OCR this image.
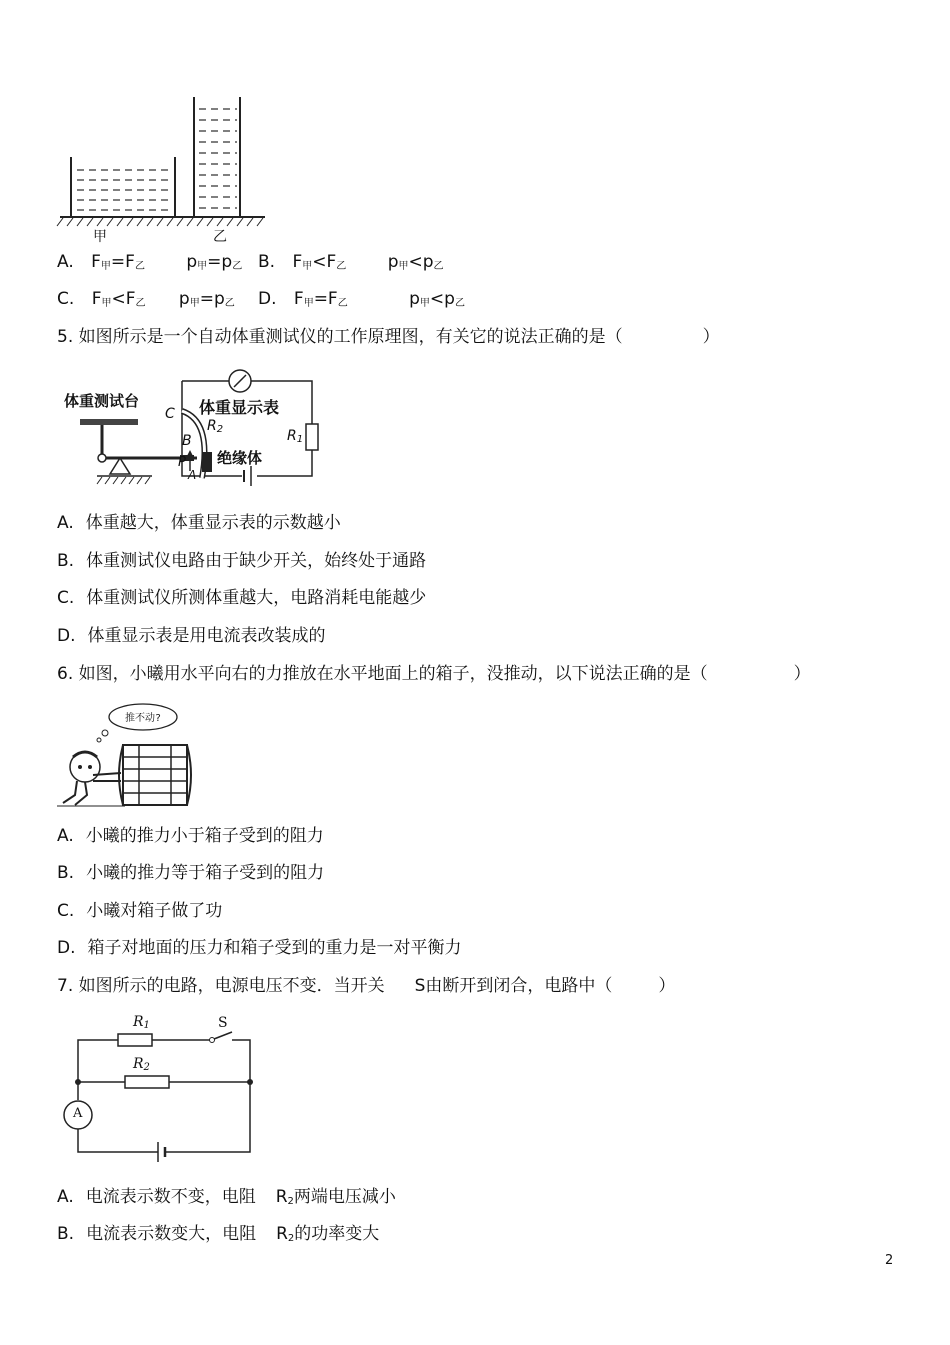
甲	乙
A. $F_甲=F_乙$ $p_甲=p_乙$ B. $F_甲<F_乙$ $p_甲<p_乙$
C. $F_甲<F_乙$ $p_甲=p_乙$ D. $F_甲=F_乙$	$p_甲<p_乙$
5. 如图所示是一个自动体重测试仪的工作原理图，有关它的说法正确的是（	）
体重测试台	体重显示表
绝缘体
$R_2$	$R_1$
C
B
P
A
A. 体重越大，体重显示表的示数越小
B. 体重测试仪电路由于缺少开关，始终处于通路
C. 体重测试仪所测体重越大，电路消耗电能越少
D. 体重显示表是用电流表改装成的
6. 如图，小曦用水平向右的力推放在水平地面上的箱子，没推动，以下说法正确的是（	）
推不动?
A. 小曦的推力小于箱子受到的阻力
B. 小曦的推力等于箱子受到的阻力
C. 小曦对箱子做了功
D. 箱子对地面的压力和箱子受到的重力是一对平衡力
7. 如图所示的电路，电源电压不变．当开关 S由断开到闭合，电路中（	）
$R_1$
$R_2$
S
A
A. 电流表示数不变，电阻 $R_2$两端电压减小
B. 电流表示数变大，电阻 $R_2$的功率变大
2
